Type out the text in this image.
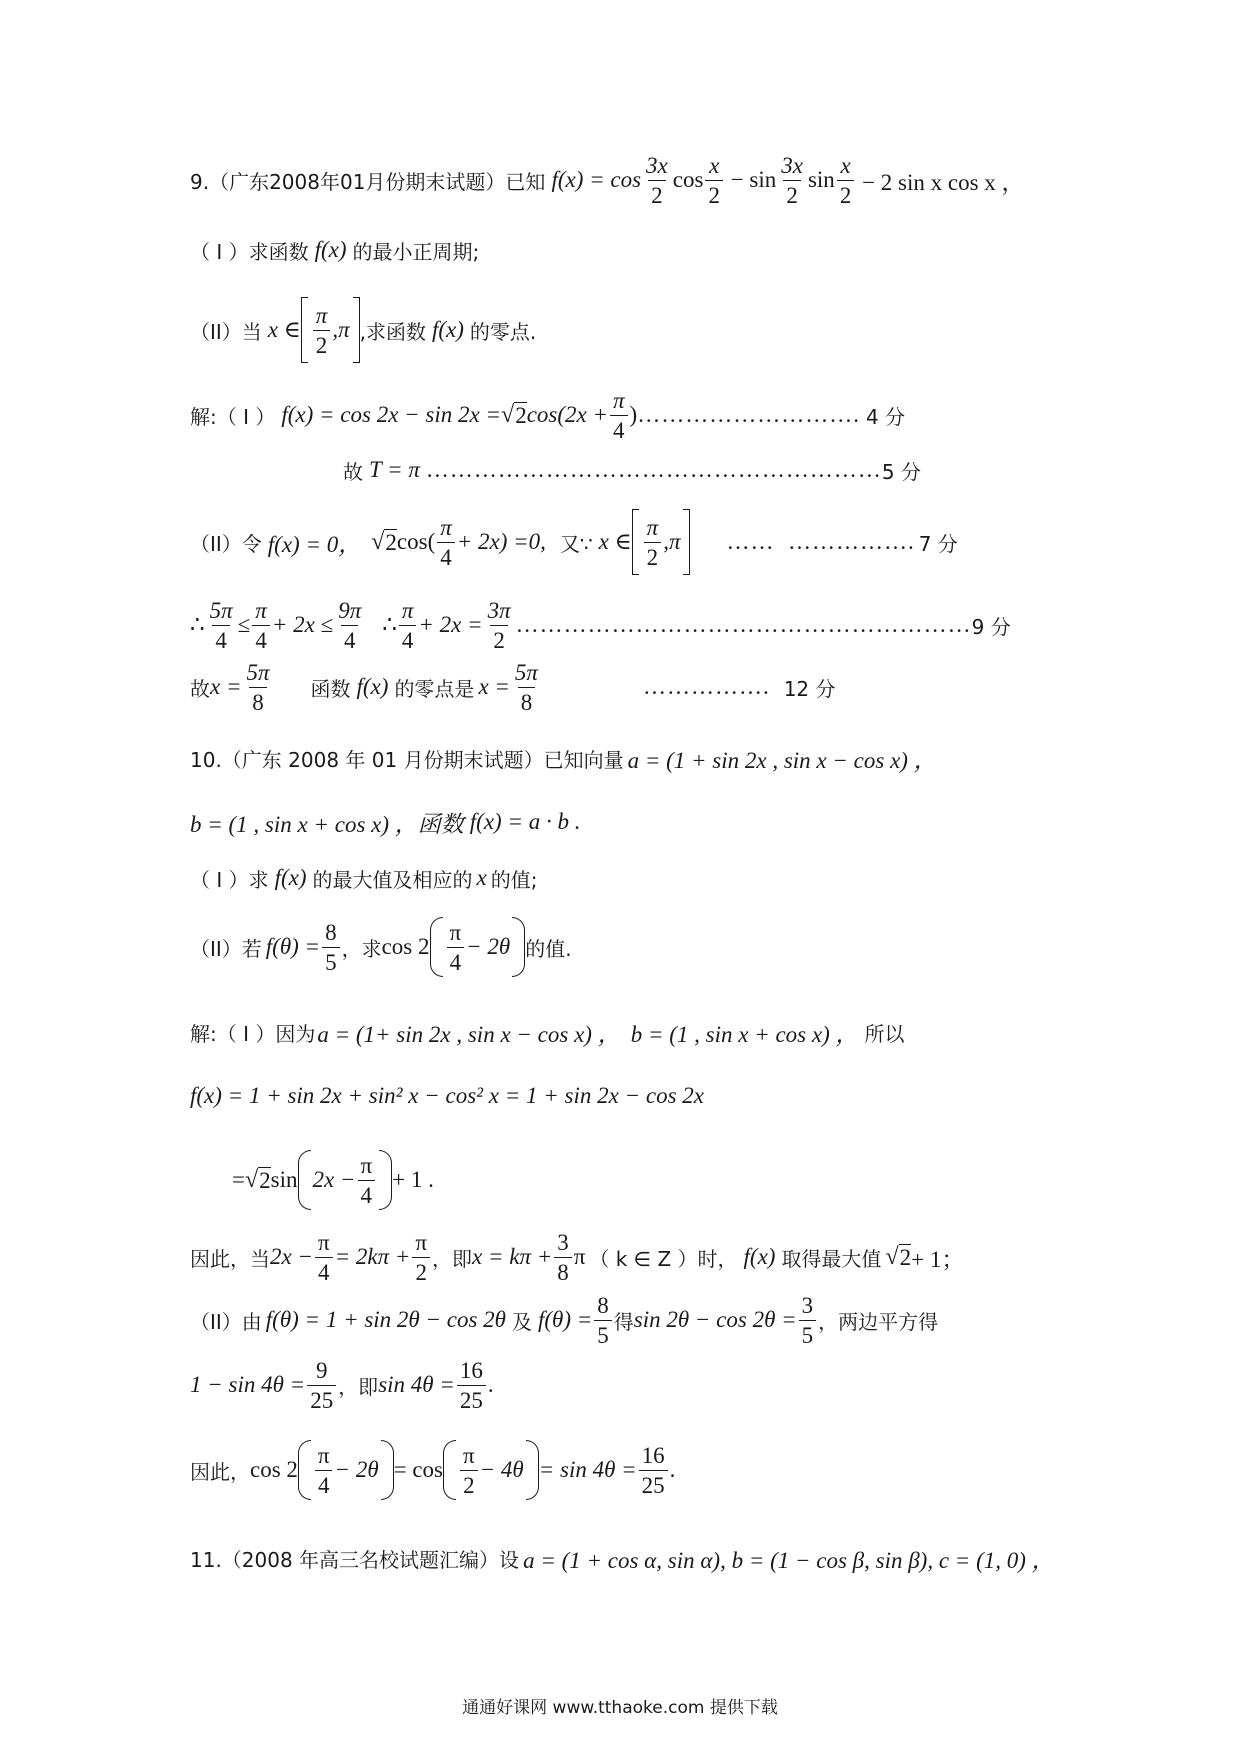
9.（广东2008年01月份期末试题）已知 $f(x) = \cos \frac{3x}{2}$ $\cos \frac{x}{2} - \sin \frac{3x}{2}$ $\sin \frac{x}{2} - 2$ sin x cos x ，
（ I ）求函数 f(x) 的最小正周期;
（II）当 x ∈ $\frac{\pi}{2} ,\pi$ ,求函数 f(x) 的零点.
解:（ I ） f(x) = cos 2x − sin 2x = √ 2 $\cos(2x + \frac{\pi}{4}$ ) ………………………. 4 分
故 T = π ………………………………………………… 5 分
（II）令 f(x) = 0， √ 2 $\cos( \frac{\pi}{4} + 2x) =0$, 又∵ x ∈ $\frac{\pi}{2} ,\pi$ ……  ……………. 7 分
∴ $\frac{5\pi}{4} \le \frac{\pi}{4} + 2x \le \frac{9\pi}{4}$ ∴ $\frac{\pi}{4} + 2x = \frac{3\pi}{2}$ ………………………………………………… 9 分
故 $x = \frac{5\pi}{8}$ 函数 f(x) 的零点是 $x = \frac{5\pi}{8}$	……………. 12 分
10.（广东 2008 年 01 月份期末试题）已知向量 a = (1 + sin 2x , sin x − cos x) ，
b = (1 , sin x + cos x) ，函数 f(x) = a · b .
（ I ）求 f(x) 的最大值及相应的 x 的值;
（II）若 $f(\theta) = \frac{8}{5}$ ，求 $\cos 2 \frac{\pi}{4} - 2\theta$ 的值.
解:（ I ）因为 a = (1+ sin 2x , sin x − cos x) ， b = (1 , sin x + cos x) ， 所以
f(x) = 1 + sin 2x + sin² x − cos² x = 1 + sin 2x − cos 2x
= √ 2 $\sin 2x - \frac{\pi}{4} + 1$ .
因此，当 $2x - \frac{\pi}{4} = 2k\pi + \frac{\pi}{2}$ ，即 $x = k\pi + \frac{3}{8}$ π （ k ∈ Z ）时， f(x) 取得最大值 √ 2 + 1；
（II）由 f(θ) = 1 + sin 2θ − cos 2θ 及 $f(\theta) = \frac{8}{5}$ 得 $\sin 2\theta - \cos 2\theta = \frac{3}{5}$ ，两边平方得
$1 - \sin 4\theta = \frac{9}{25}$ ，即 $\sin 4\theta = \frac{16}{25}$ .
因此， $\cos 2 \frac{\pi}{4} - 2\theta = \cos \frac{\pi}{2} - 4\theta = \sin 4\theta = \frac{16}{25}$ .
11.（2008 年高三名校试题汇编）设 a = (1 + cos α, sin α), b = (1 − cos β, sin β), c = (1, 0) ，
通通好课网 www.tthaoke.com 提供下载
